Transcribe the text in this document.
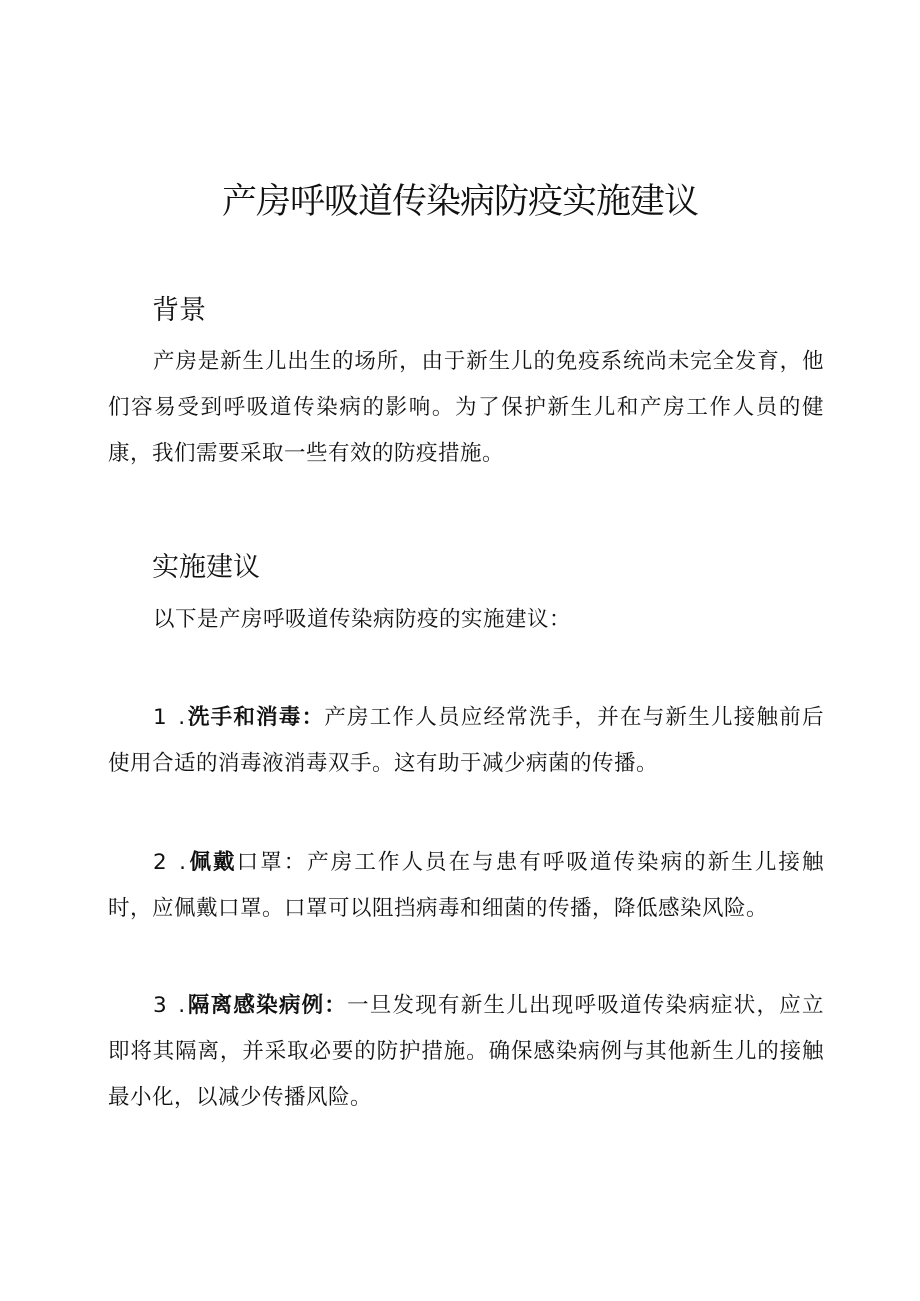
产房呼吸道传染病防疫实施建议
背景

产房是新生儿出生的场所，由于新生儿的免疫系统尚未完全发育，他们容易受到呼吸道传染病的影响。为了保护新生儿和产房工作人员的健康，我们需要采取一些有效的防疫措施。

实施建议

以下是产房呼吸道传染病防疫的实施建议：

1 .洗手和消毒：产房工作人员应经常洗手，并在与新生儿接触前后使用合适的消毒液消毒双手。这有助于减少病菌的传播。

2 .佩戴口罩：产房工作人员在与患有呼吸道传染病的新生儿接触时，应佩戴口罩。口罩可以阻挡病毒和细菌的传播，降低感染风险。

3 .隔离感染病例：一旦发现有新生儿出现呼吸道传染病症状，应立即将其隔离，并采取必要的防护措施。确保感染病例与其他新生儿的接触最小化，以减少传播风险。
